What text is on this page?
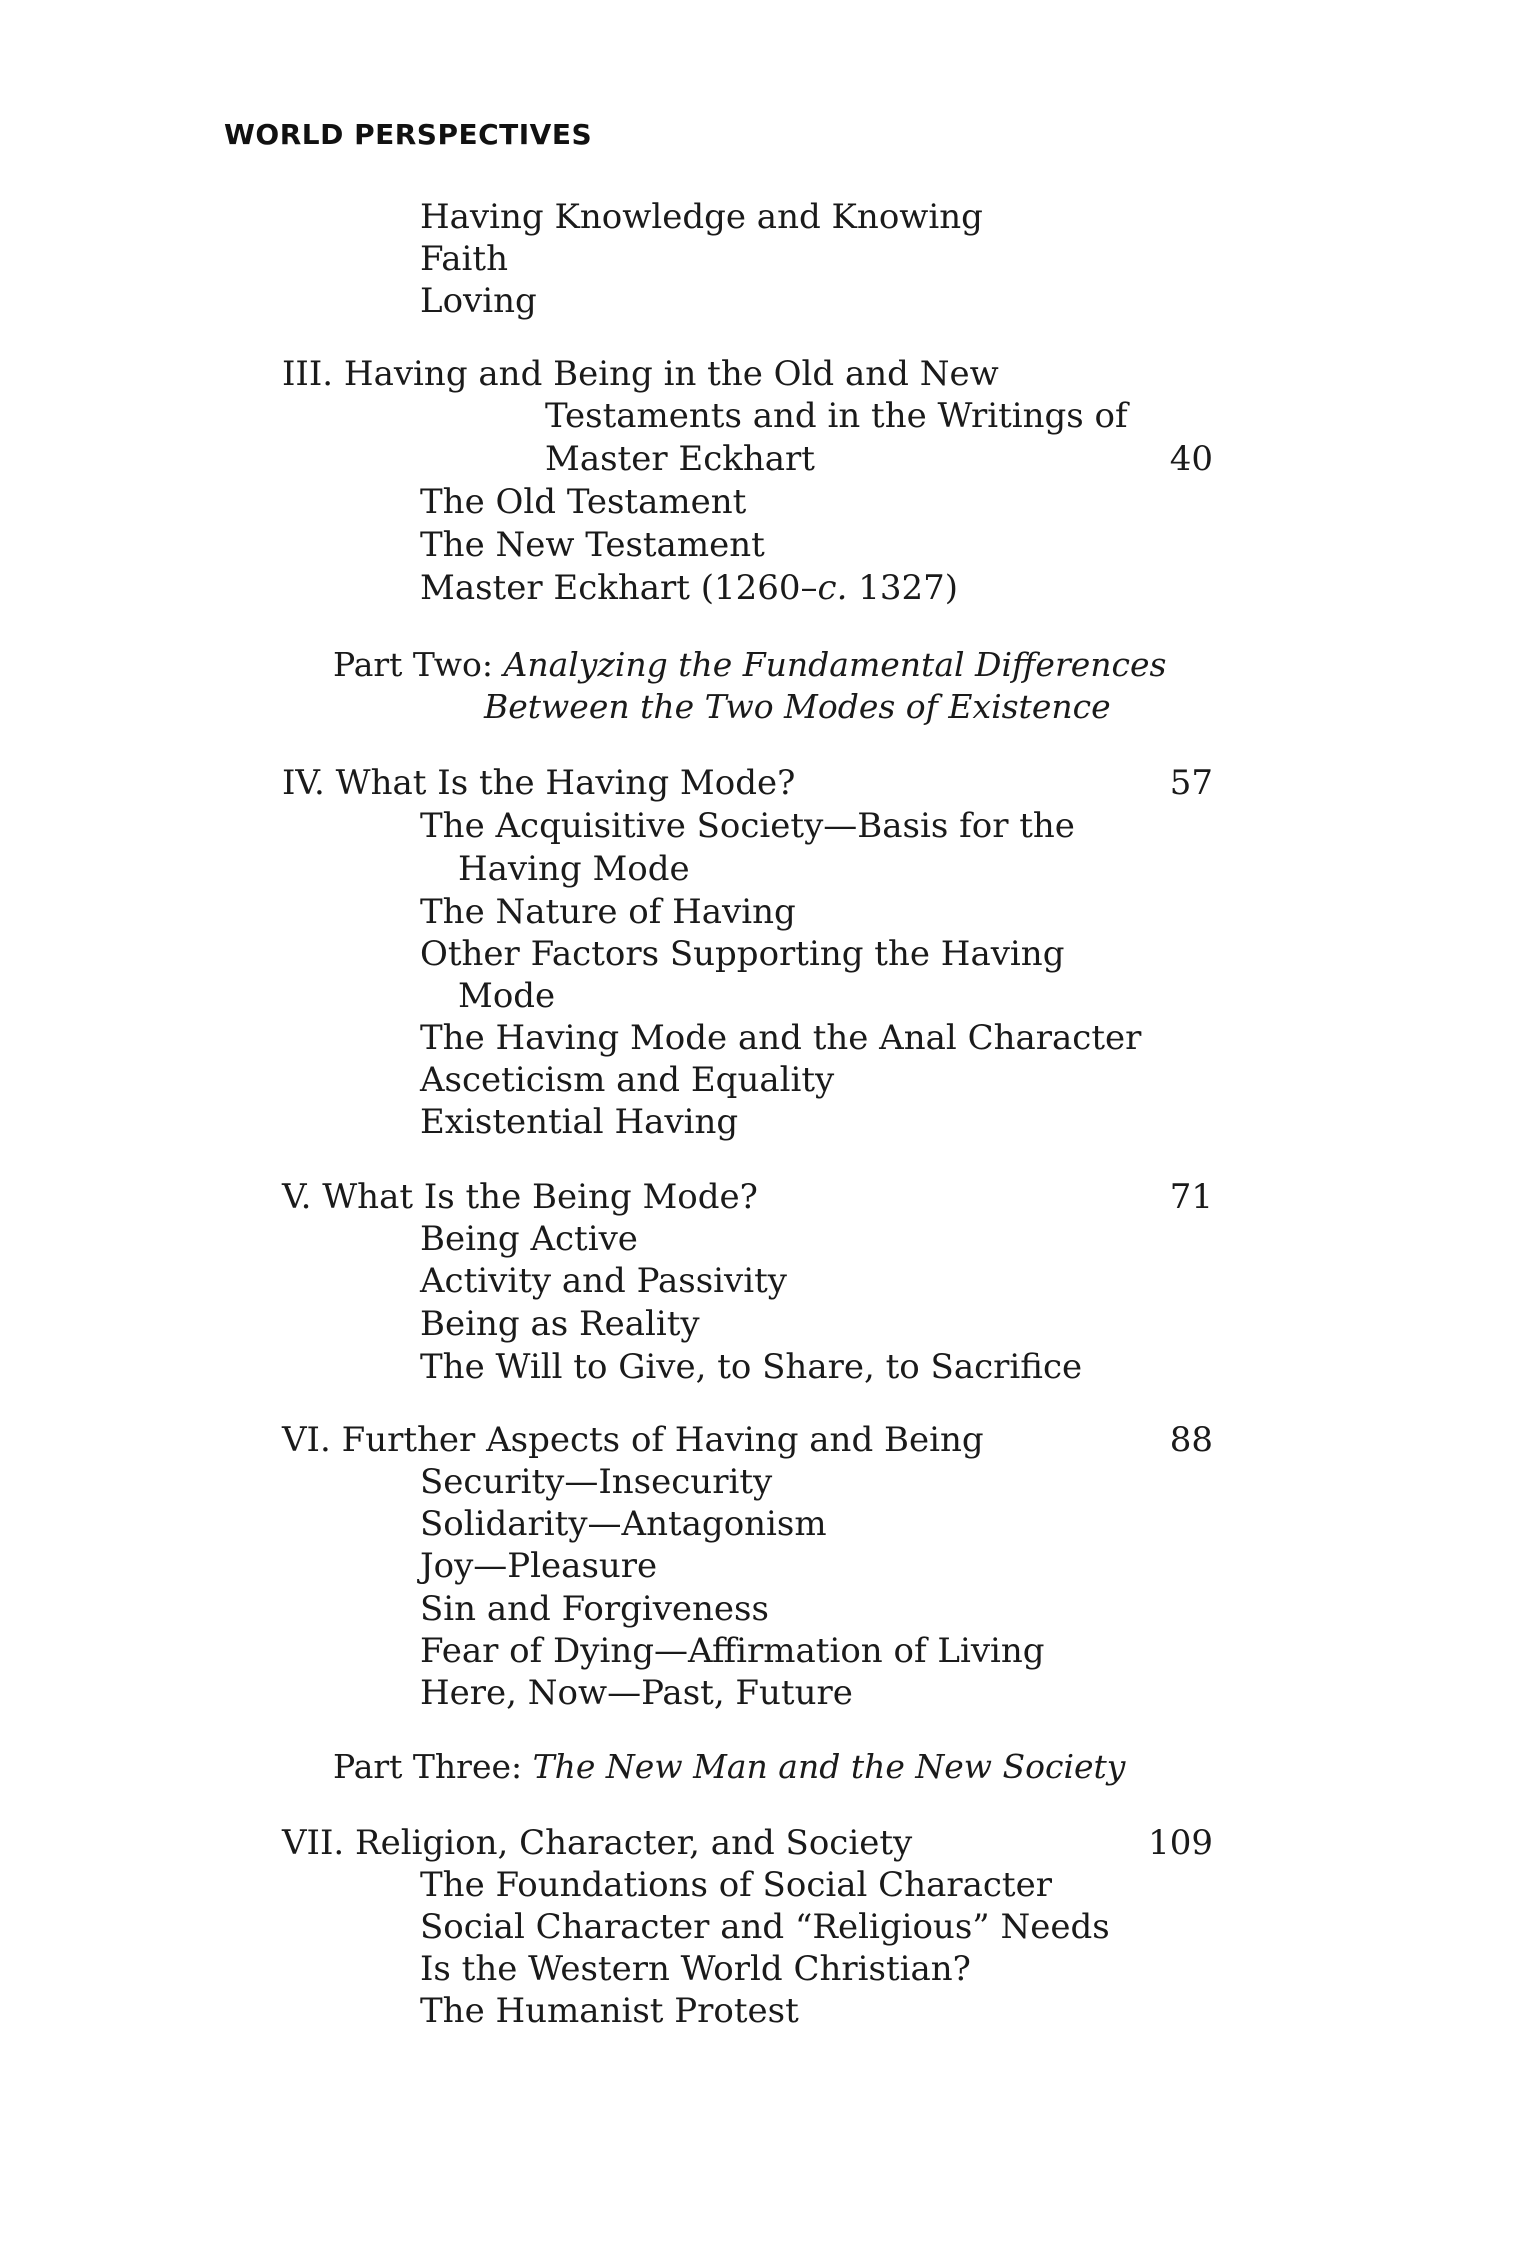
WORLD PERSPECTIVES
Having Knowledge and Knowing
Faith
Loving
III. Having and Being in the Old and New
Testaments and in the Writings of
Master Eckhart	40
The Old Testament
The New Testament
Master Eckhart (1260–c. 1327)
Part Two: Analyzing the Fundamental Differences
Between the Two Modes of Existence
IV. What Is the Having Mode?	57
The Acquisitive Society—Basis for the
Having Mode
The Nature of Having
Other Factors Supporting the Having
Mode
The Having Mode and the Anal Character
Asceticism and Equality
Existential Having
V. What Is the Being Mode?	71
Being Active
Activity and Passivity
Being as Reality
The Will to Give, to Share, to Sacrifice
VI. Further Aspects of Having and Being	88
Security—Insecurity
Solidarity—Antagonism
Joy—Pleasure
Sin and Forgiveness
Fear of Dying—Affirmation of Living
Here, Now—Past, Future
Part Three: The New Man and the New Society
VII. Religion, Character, and Society	109
The Foundations of Social Character
Social Character and “Religious” Needs
Is the Western World Christian?
The Humanist Protest
